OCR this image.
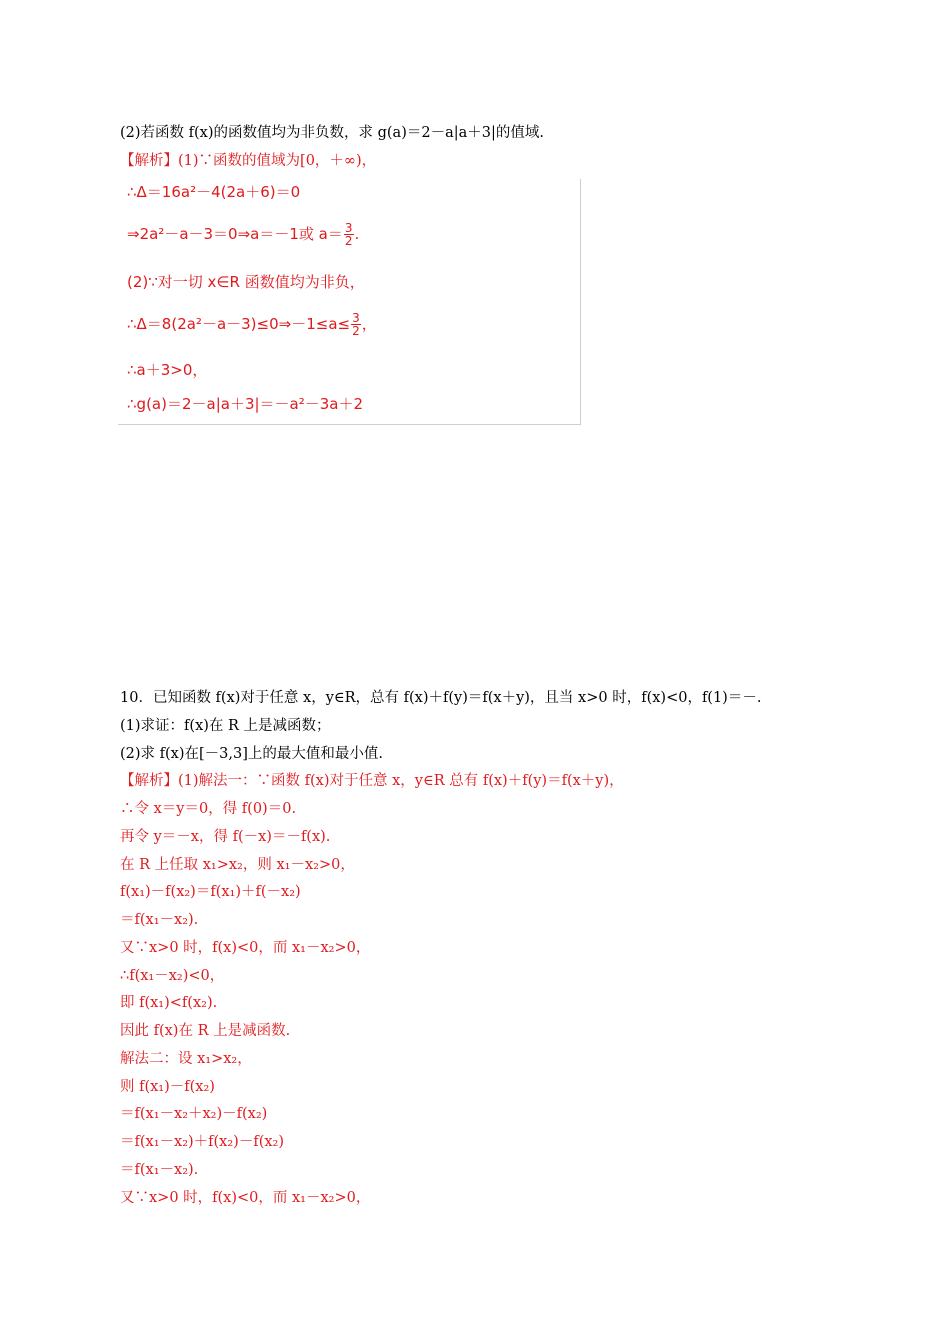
(2)若函数 f(x)的函数值均为非负数，求 g(a)＝2－a|a＋3|的值域.
【解析】(1)∵函数的值域为[0，＋∞)，
∴Δ＝16a²－4(2a＋6)＝0
⇒2a²－a－3＝0⇒a＝－1或 $a= \frac{3}{2}$ .
(2)∵对一切 x∈R 函数值均为非负，
∴Δ＝8(2a²－a－3)≤0⇒－1≤a≤ $\frac{3}{2}$ ，
∴a＋3>0，
∴g(a)＝2－a|a＋3|＝－a²－3a＋2
10．已知函数 f(x)对于任意 x，y∈R，总有 f(x)＋f(y)＝f(x＋y)，且当 x>0 时，f(x)<0，f(1)＝－.
(1)求证：f(x)在 R 上是减函数；
(2)求 f(x)在[－3,3]上的最大值和最小值.
【解析】(1)解法一：∵函数 f(x)对于任意 x，y∈R 总有 f(x)＋f(y)＝f(x＋y)，
∴令 x＝y＝0，得 f(0)＝0.
再令 y＝－x，得 f(－x)＝－f(x).
在 R 上任取 x₁>x₂，则 x₁－x₂>0，
f(x₁)－f(x₂)＝f(x₁)＋f(－x₂)
＝f(x₁－x₂).
又∵x>0 时，f(x)<0，而 x₁－x₂>0，
∴f(x₁－x₂)<0，
即 f(x₁)<f(x₂).
因此 f(x)在 R 上是减函数.
解法二：设 x₁>x₂，
则 f(x₁)－f(x₂)
＝f(x₁－x₂＋x₂)－f(x₂)
＝f(x₁－x₂)＋f(x₂)－f(x₂)
＝f(x₁－x₂).
又∵x>0 时，f(x)<0，而 x₁－x₂>0，
